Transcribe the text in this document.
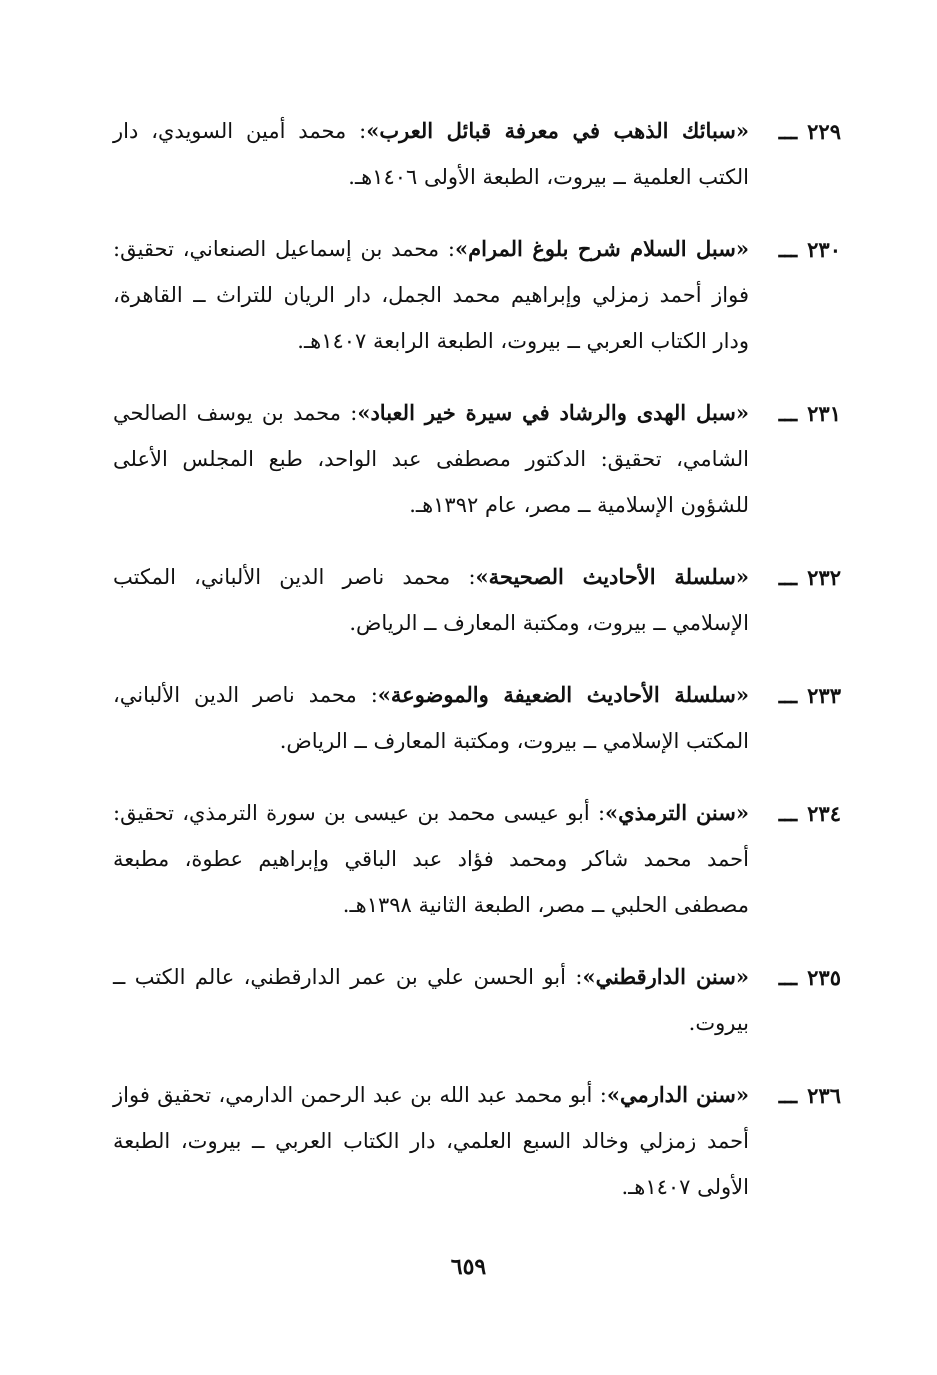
٢٢٩
ـــ
«سبائك الذهب في معرفة قبائل العرب»: محمد أمين السويدي، دار الكتب العلمية ــ بيروت، الطبعة الأولى ١٤٠٦هـ.
٢٣٠
ـــ
«سبل السلام شرح بلوغ المرام»: محمد بن إسماعيل الصنعاني، تحقيق: فواز أحمد زمزلي وإبراهيم محمد الجمل، دار الريان للتراث ــ القاهرة، ودار الكتاب العربي ــ بيروت، الطبعة الرابعة ١٤٠٧هـ.
٢٣١
ـــ
«سبل الهدى والرشاد في سيرة خير العباد»: محمد بن يوسف الصالحي الشامي، تحقيق: الدكتور مصطفى عبد الواحد، طبع المجلس الأعلى للشؤون الإسلامية ــ مصر، عام ١٣٩٢هـ.
٢٣٢
ـــ
«سلسلة الأحاديث الصحيحة»: محمد ناصر الدين الألباني، المكتب الإسلامي ــ بيروت، ومكتبة المعارف ــ الرياض.
٢٣٣
ـــ
«سلسلة الأحاديث الضعيفة والموضوعة»: محمد ناصر الدين الألباني، المكتب الإسلامي ــ بيروت، ومكتبة المعارف ــ الرياض.
٢٣٤
ـــ
«سنن الترمذي»: أبو عيسى محمد بن عيسى بن سورة الترمذي، تحقيق: أحمد محمد شاكر ومحمد فؤاد عبد الباقي وإبراهيم عطوة، مطبعة مصطفى الحلبي ــ مصر، الطبعة الثانية ١٣٩٨هـ.
٢٣٥
ـــ
«سنن الدارقطني»: أبو الحسن علي بن عمر الدارقطني، عالم الكتب ــ بيروت.
٢٣٦
ـــ
«سنن الدارمي»: أبو محمد عبد الله بن عبد الرحمن الدارمي، تحقيق فواز أحمد زمزلي وخالد السبع العلمي، دار الكتاب العربي ــ بيروت، الطبعة الأولى ١٤٠٧هـ.
٦٥٩
